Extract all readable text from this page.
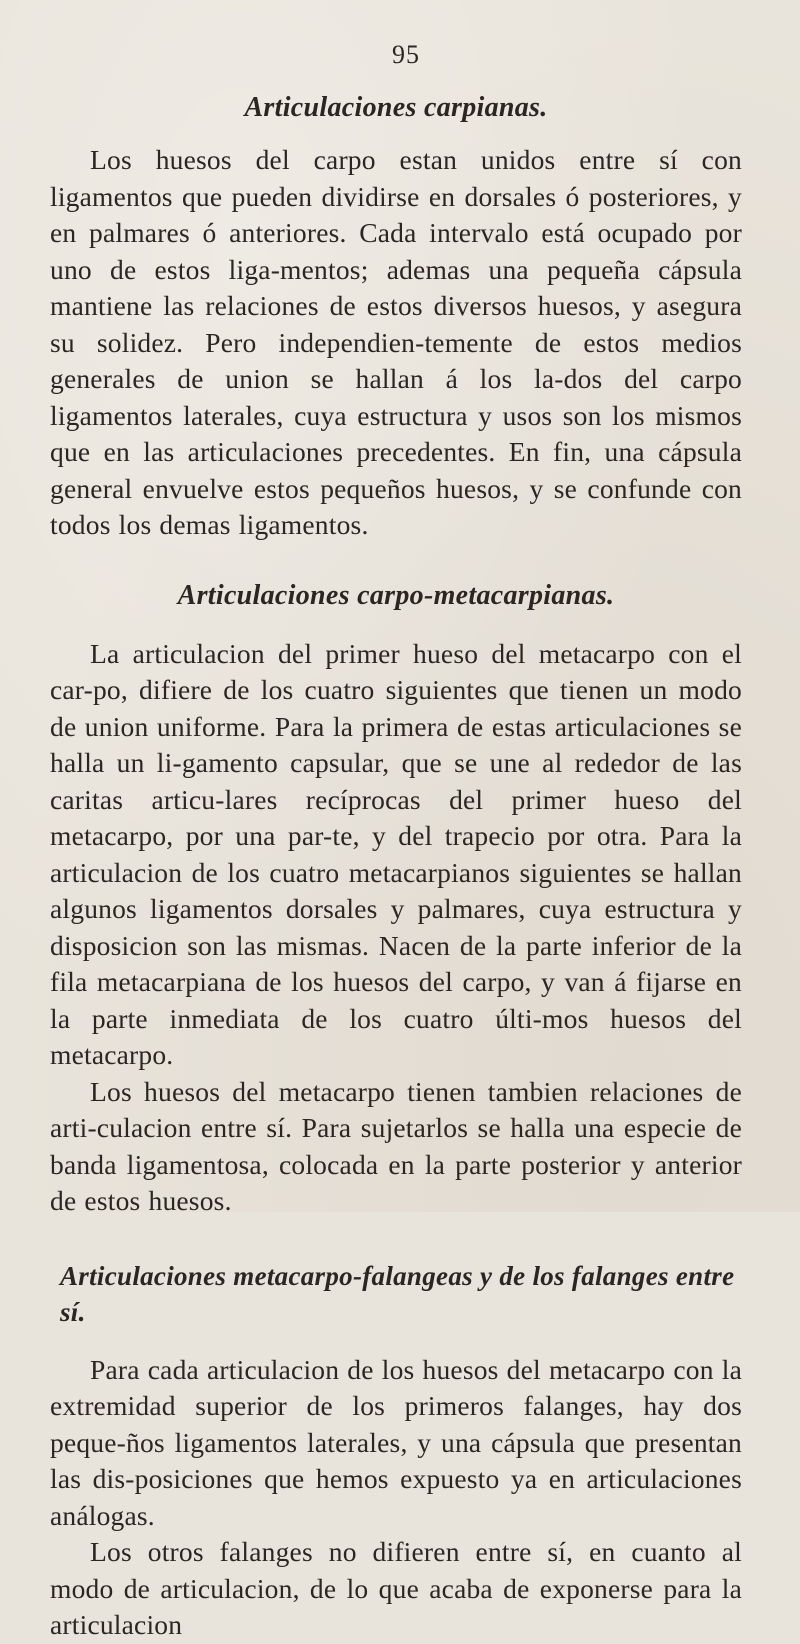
95
Articulaciones carpianas.

Los huesos del carpo estan unidos entre sí con ligamentos que pueden dividirse en dorsales ó posteriores, y en palmares ó anteriores. Cada intervalo está ocupado por uno de estos liga-mentos; ademas una pequeña cápsula mantiene las relaciones de estos diversos huesos, y asegura su solidez. Pero independien-temente de estos medios generales de union se hallan á los la-dos del carpo ligamentos laterales, cuya estructura y usos son los mismos que en las articulaciones precedentes. En fin, una cápsula general envuelve estos pequeños huesos, y se confunde con todos los demas ligamentos.

Articulaciones carpo-metacarpianas.

La articulacion del primer hueso del metacarpo con el car-po, difiere de los cuatro siguientes que tienen un modo de union uniforme. Para la primera de estas articulaciones se halla un li-gamento capsular, que se une al rededor de las caritas articu-lares recíprocas del primer hueso del metacarpo, por una par-te, y del trapecio por otra. Para la articulacion de los cuatro metacarpianos siguientes se hallan algunos ligamentos dorsales y palmares, cuya estructura y disposicion son las mismas. Nacen de la parte inferior de la fila metacarpiana de los huesos del carpo, y van á fijarse en la parte inmediata de los cuatro últi-mos huesos del metacarpo.

Los huesos del metacarpo tienen tambien relaciones de arti-culacion entre sí. Para sujetarlos se halla una especie de banda ligamentosa, colocada en la parte posterior y anterior de estos huesos.

Articulaciones metacarpo-falangeas y de los falanges entre sí.

Para cada articulacion de los huesos del metacarpo con la extremidad superior de los primeros falanges, hay dos peque-ños ligamentos laterales, y una cápsula que presentan las dis-posiciones que hemos expuesto ya en articulaciones análogas.

Los otros falanges no difieren entre sí, en cuanto al modo de articulacion, de lo que acaba de exponerse para la articulacion
